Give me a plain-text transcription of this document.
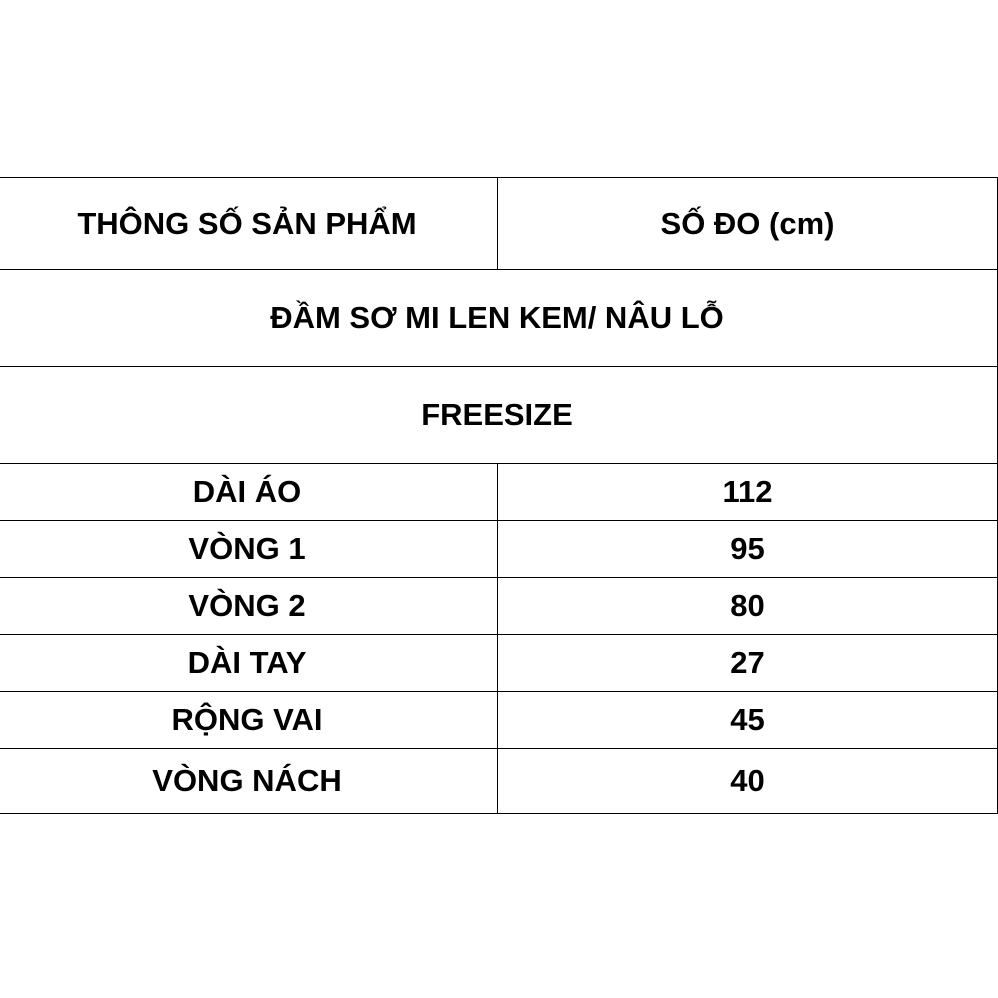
THÔNG SỐ SẢN PHẨM	SỐ ĐO (cm)
ĐẦM SƠ MI LEN KEM/ NÂU LỖ	
FREESIZE	
DÀI ÁO	112
VÒNG 1	95
VÒNG 2	80
DÀI TAY	27
RỘNG VAI	45
VÒNG NÁCH	40
